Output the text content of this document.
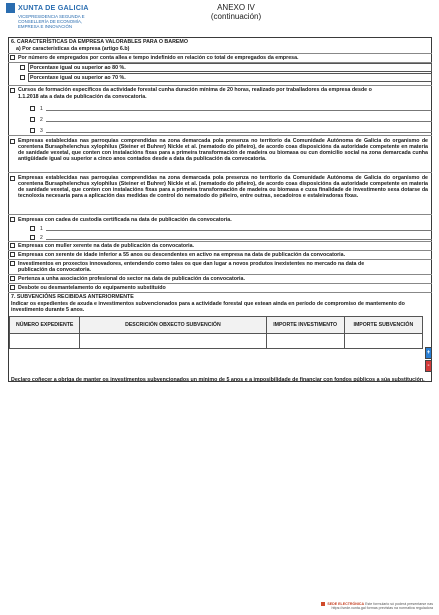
XUNTA DE GALICIA
VICEPRESIDENCIA SEGUNDA E
CONSELLERÍA DE ECONOMÍA,
EMPRESA E INNOVACIÓN
ANEXO IV
(continuación)
6. CARACTERÍSTICAS DA EMPRESA VALORABLES PARA O BAREMO
a) Por características da empresa (artigo 6.b)
Por número de empregados por conta allea e tempo indefinido en relación co total de empregados da empresa.
Porcentaxe igual ou superior ao 80 %.
Porcentaxe igual ou superior ao 70 %.
Cursos de formación específicos da actividade forestal cunha duración mínima de 20 horas, realizado por traballadores da empresa desde o
1.1.2018 ata a data de publicación da convocatoria.
1
2
3
Empresas establecidas nas parroquias comprendidas na zona demarcada pola presenza no territorio da Comunidade Autónoma de Galicia do organismo de corentena Bursaphelenchus xylophilus (Steiner et Buhrer) Nickle et al. (nematodo do piñeiro), de acordo coas disposicións da autoridade competente en materia de sanidade vexetal, que conten con instalacións fixas para a primeira transformación de madeira ou biomasa ou cun domicilio social na zona demarcada cunha antigüidade igual ou superior a cinco anos contados desde a data da publicación da convocatoria.
Empresas establecidas nas parroquias comprendidas na zona demarcada pola presenza no territorio da Comunidade Autónoma de Galicia do organismo de corentena Bursaphelenchus xylophilus (Steiner et Buhrer) Nickle et al. (nematodo do piñeiro), de acordo coas disposicións da autoridade competente en materia de sanidade vexetal, que conten con instalacións fixas para a primeira transformación de madeira ou biomasa e cuxa finalidade de investimento sexa dotarse da tecnoloxía necesaria para a aplicación das medidas de control do nematodo do piñeiro, entre outras, secadoiros e estaleiradoras fixas.
Empresas con cadea de custodia certificada na data de publicación da convocatoria.
1
2
Empresas con muller xerente na data de publicación da convocatoria.
Empresas con xerente de idade inferior a 55 anos ou descendentes en activo na empresa na data de publicación da convocatoria.
Investimentos en proxectos innovadores, entendendo como tales os que dan lugar a novos produtos inexistentes no mercado na data de
publicación da convocatoria.
Pertenza a unha asociación profesional do sector na data de publicación da convocatoria.
Desbote ou desmantelamento do equipamento substituído
7. SUBVENCIÓNS RECIBIDAS ANTERIORMENTE
Indicar os expedientes de axuda e investimentos subvencionados para a actividade forestal que estean ainda en período de compromiso de mantemento do investimento durante 5 anos.
NÚMERO EXPEDIENTE	DESCRICIÓN OBXECTO SUBVENCIÓN	IMPORTE INVESTIMENTO	IMPORTE SUBVENCIÓN

+
-
Declaro coñecer a obriga de manter os investimentos subvencionados un mínimo de 5 anos e a imposibilidade de financiar con fondos públicos a súa substitución.
SEDE ELECTRÓNICA Este formulario só poderá presentarse nas
https://sede.xunta.gal formas previstas na normativa reguladora
